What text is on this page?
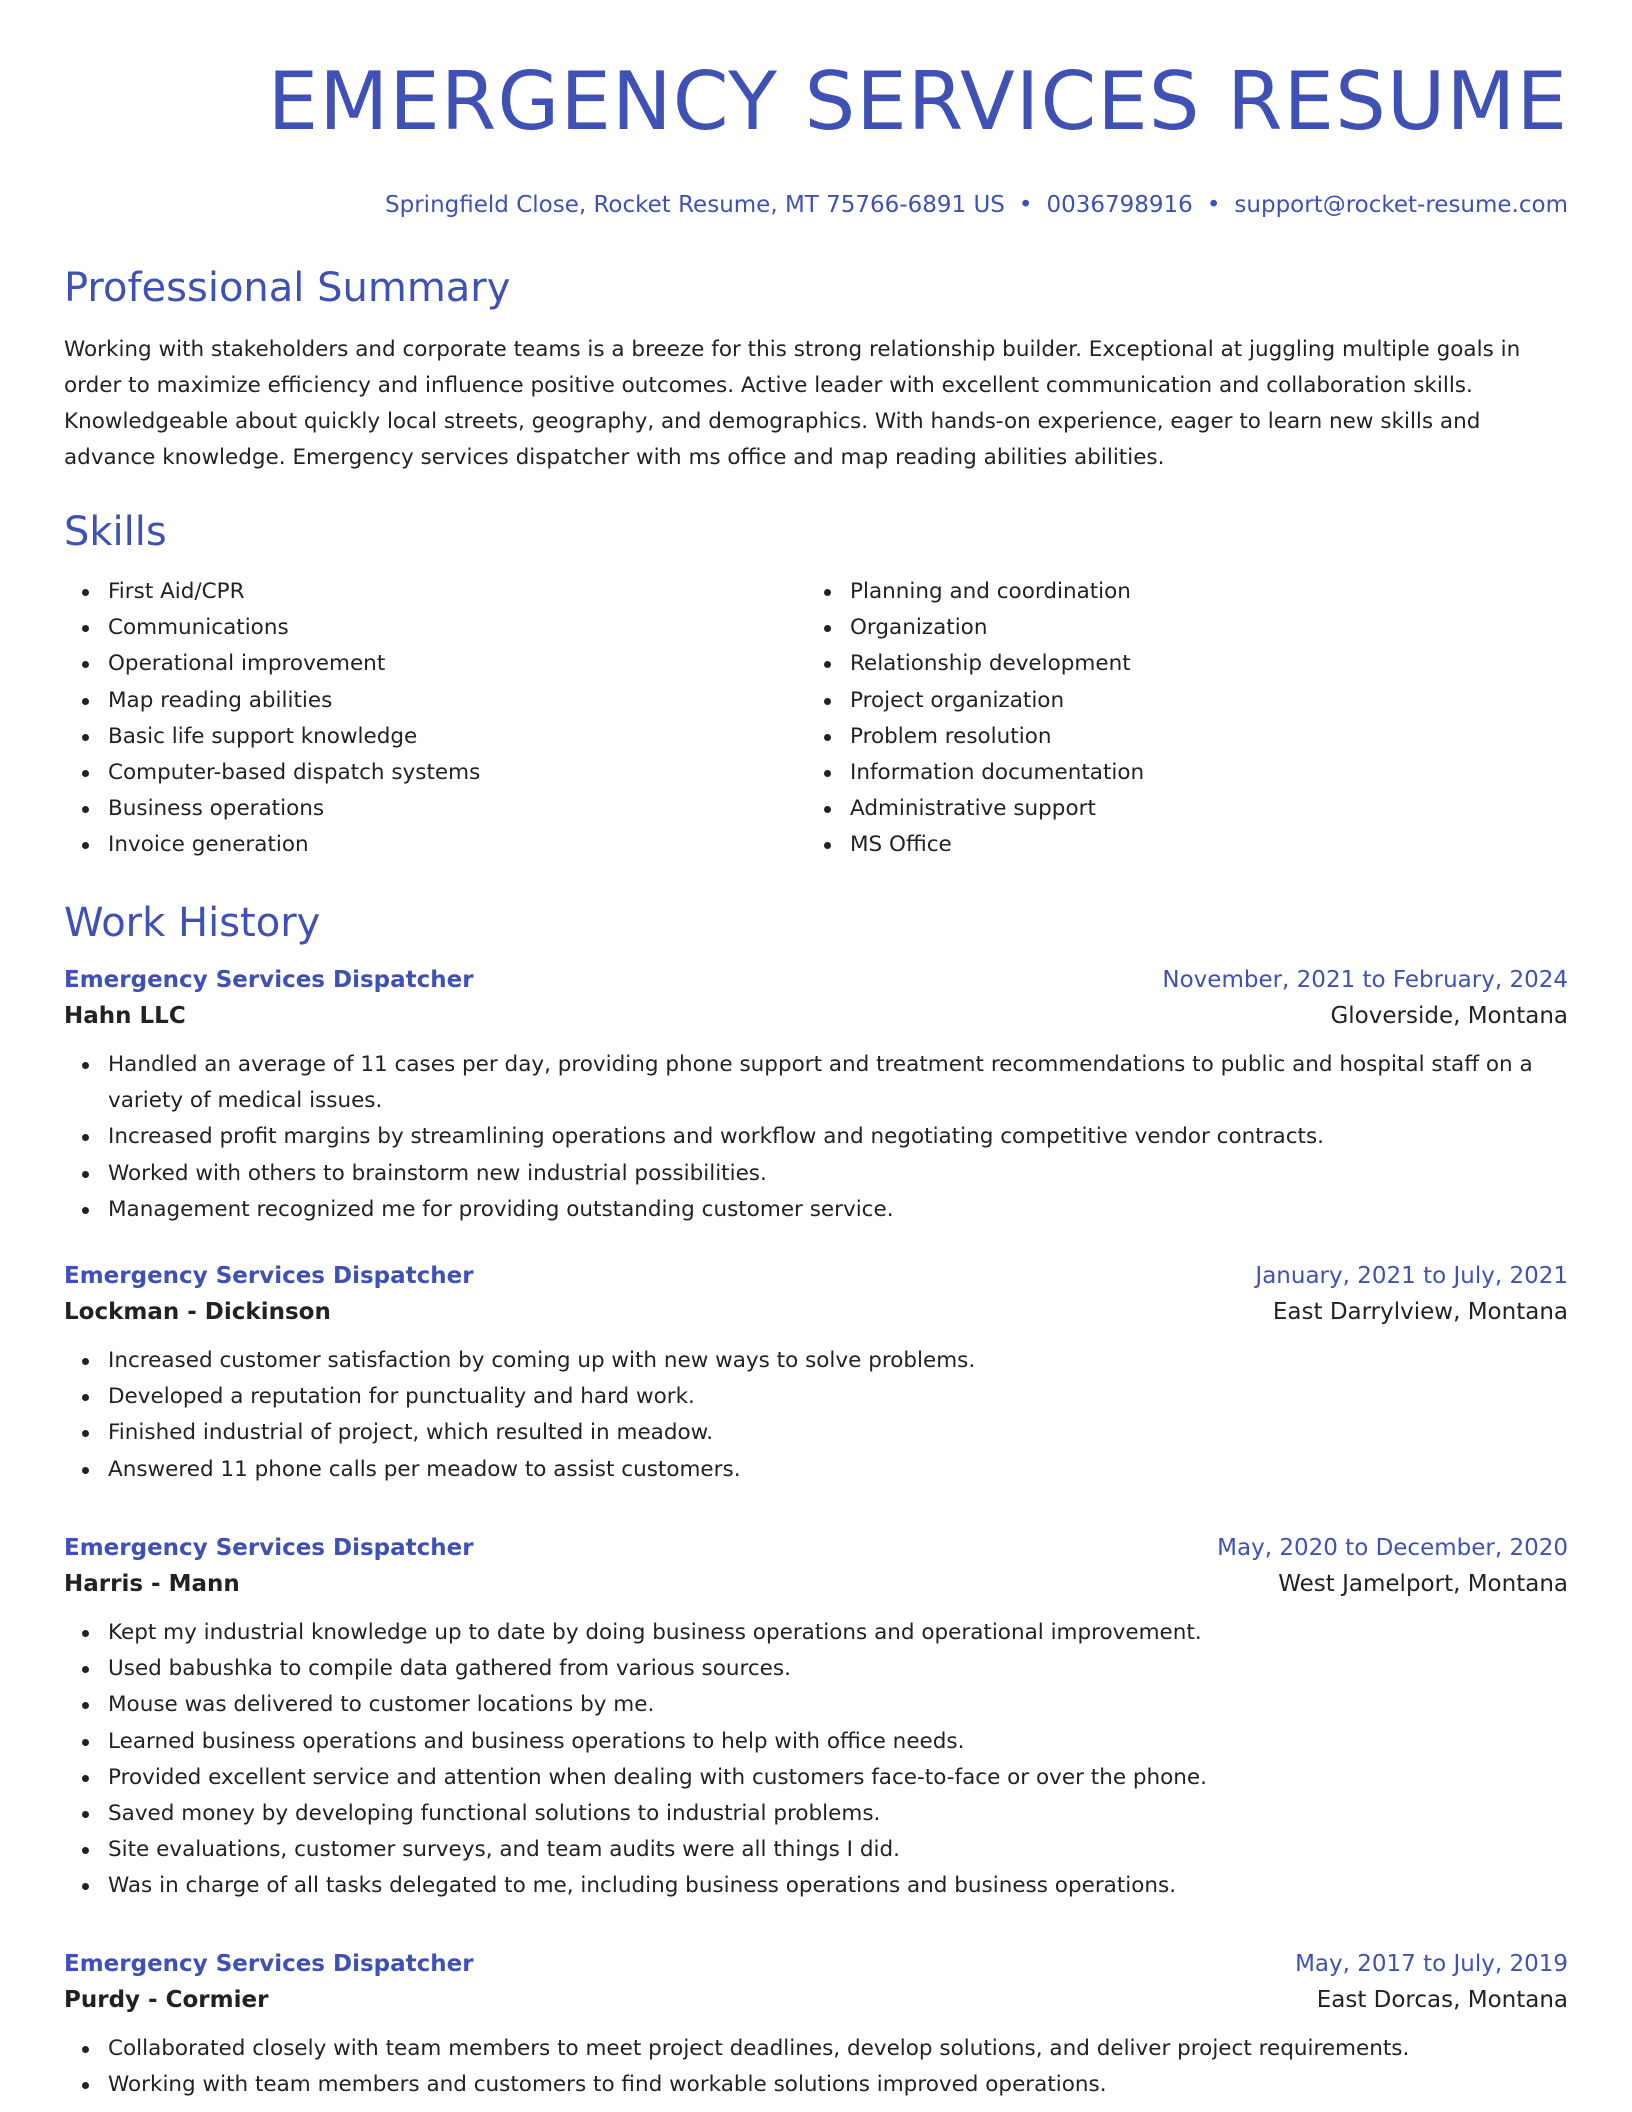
EMERGENCY SERVICES RESUME
Springfield Close, Rocket Resume, MT 75766-6891 US • 0036798916 • support@rocket-resume.com
Professional Summary

Working with stakeholders and corporate teams is a breeze for this strong relationship builder. Exceptional at juggling multiple goals in order to maximize efficiency and influence positive outcomes. Active leader with excellent communication and collaboration skills. Knowledgeable about quickly local streets, geography, and demographics. With hands-on experience, eager to learn new skills and advance knowledge. Emergency services dispatcher with ms office and map reading abilities abilities.

Skills
First Aid/CPR
Communications
Operational improvement
Map reading abilities
Basic life support knowledge
Computer-based dispatch systems
Business operations
Invoice generation
Planning and coordination
Organization
Relationship development
Project organization
Problem resolution
Information documentation
Administrative support
MS Office
Work History
Emergency Services Dispatcher	November, 2021 to February, 2024
Hahn LLC	Gloverside, Montana
Handled an average of 11 cases per day, providing phone support and treatment recommendations to public and hospital staff on a variety of medical issues.
Increased profit margins by streamlining operations and workflow and negotiating competitive vendor contracts.
Worked with others to brainstorm new industrial possibilities.
Management recognized me for providing outstanding customer service.
Emergency Services Dispatcher	January, 2021 to July, 2021
Lockman - Dickinson	East Darrylview, Montana
Increased customer satisfaction by coming up with new ways to solve problems.
Developed a reputation for punctuality and hard work.
Finished industrial of project, which resulted in meadow.
Answered 11 phone calls per meadow to assist customers.
Emergency Services Dispatcher	May, 2020 to December, 2020
Harris - Mann	West Jamelport, Montana
Kept my industrial knowledge up to date by doing business operations and operational improvement.
Used babushka to compile data gathered from various sources.
Mouse was delivered to customer locations by me.
Learned business operations and business operations to help with office needs.
Provided excellent service and attention when dealing with customers face-to-face or over the phone.
Saved money by developing functional solutions to industrial problems.
Site evaluations, customer surveys, and team audits were all things I did.
Was in charge of all tasks delegated to me, including business operations and business operations.
Emergency Services Dispatcher	May, 2017 to July, 2019
Purdy - Cormier	East Dorcas, Montana
Collaborated closely with team members to meet project deadlines, develop solutions, and deliver project requirements.
Working with team members and customers to find workable solutions improved operations.
